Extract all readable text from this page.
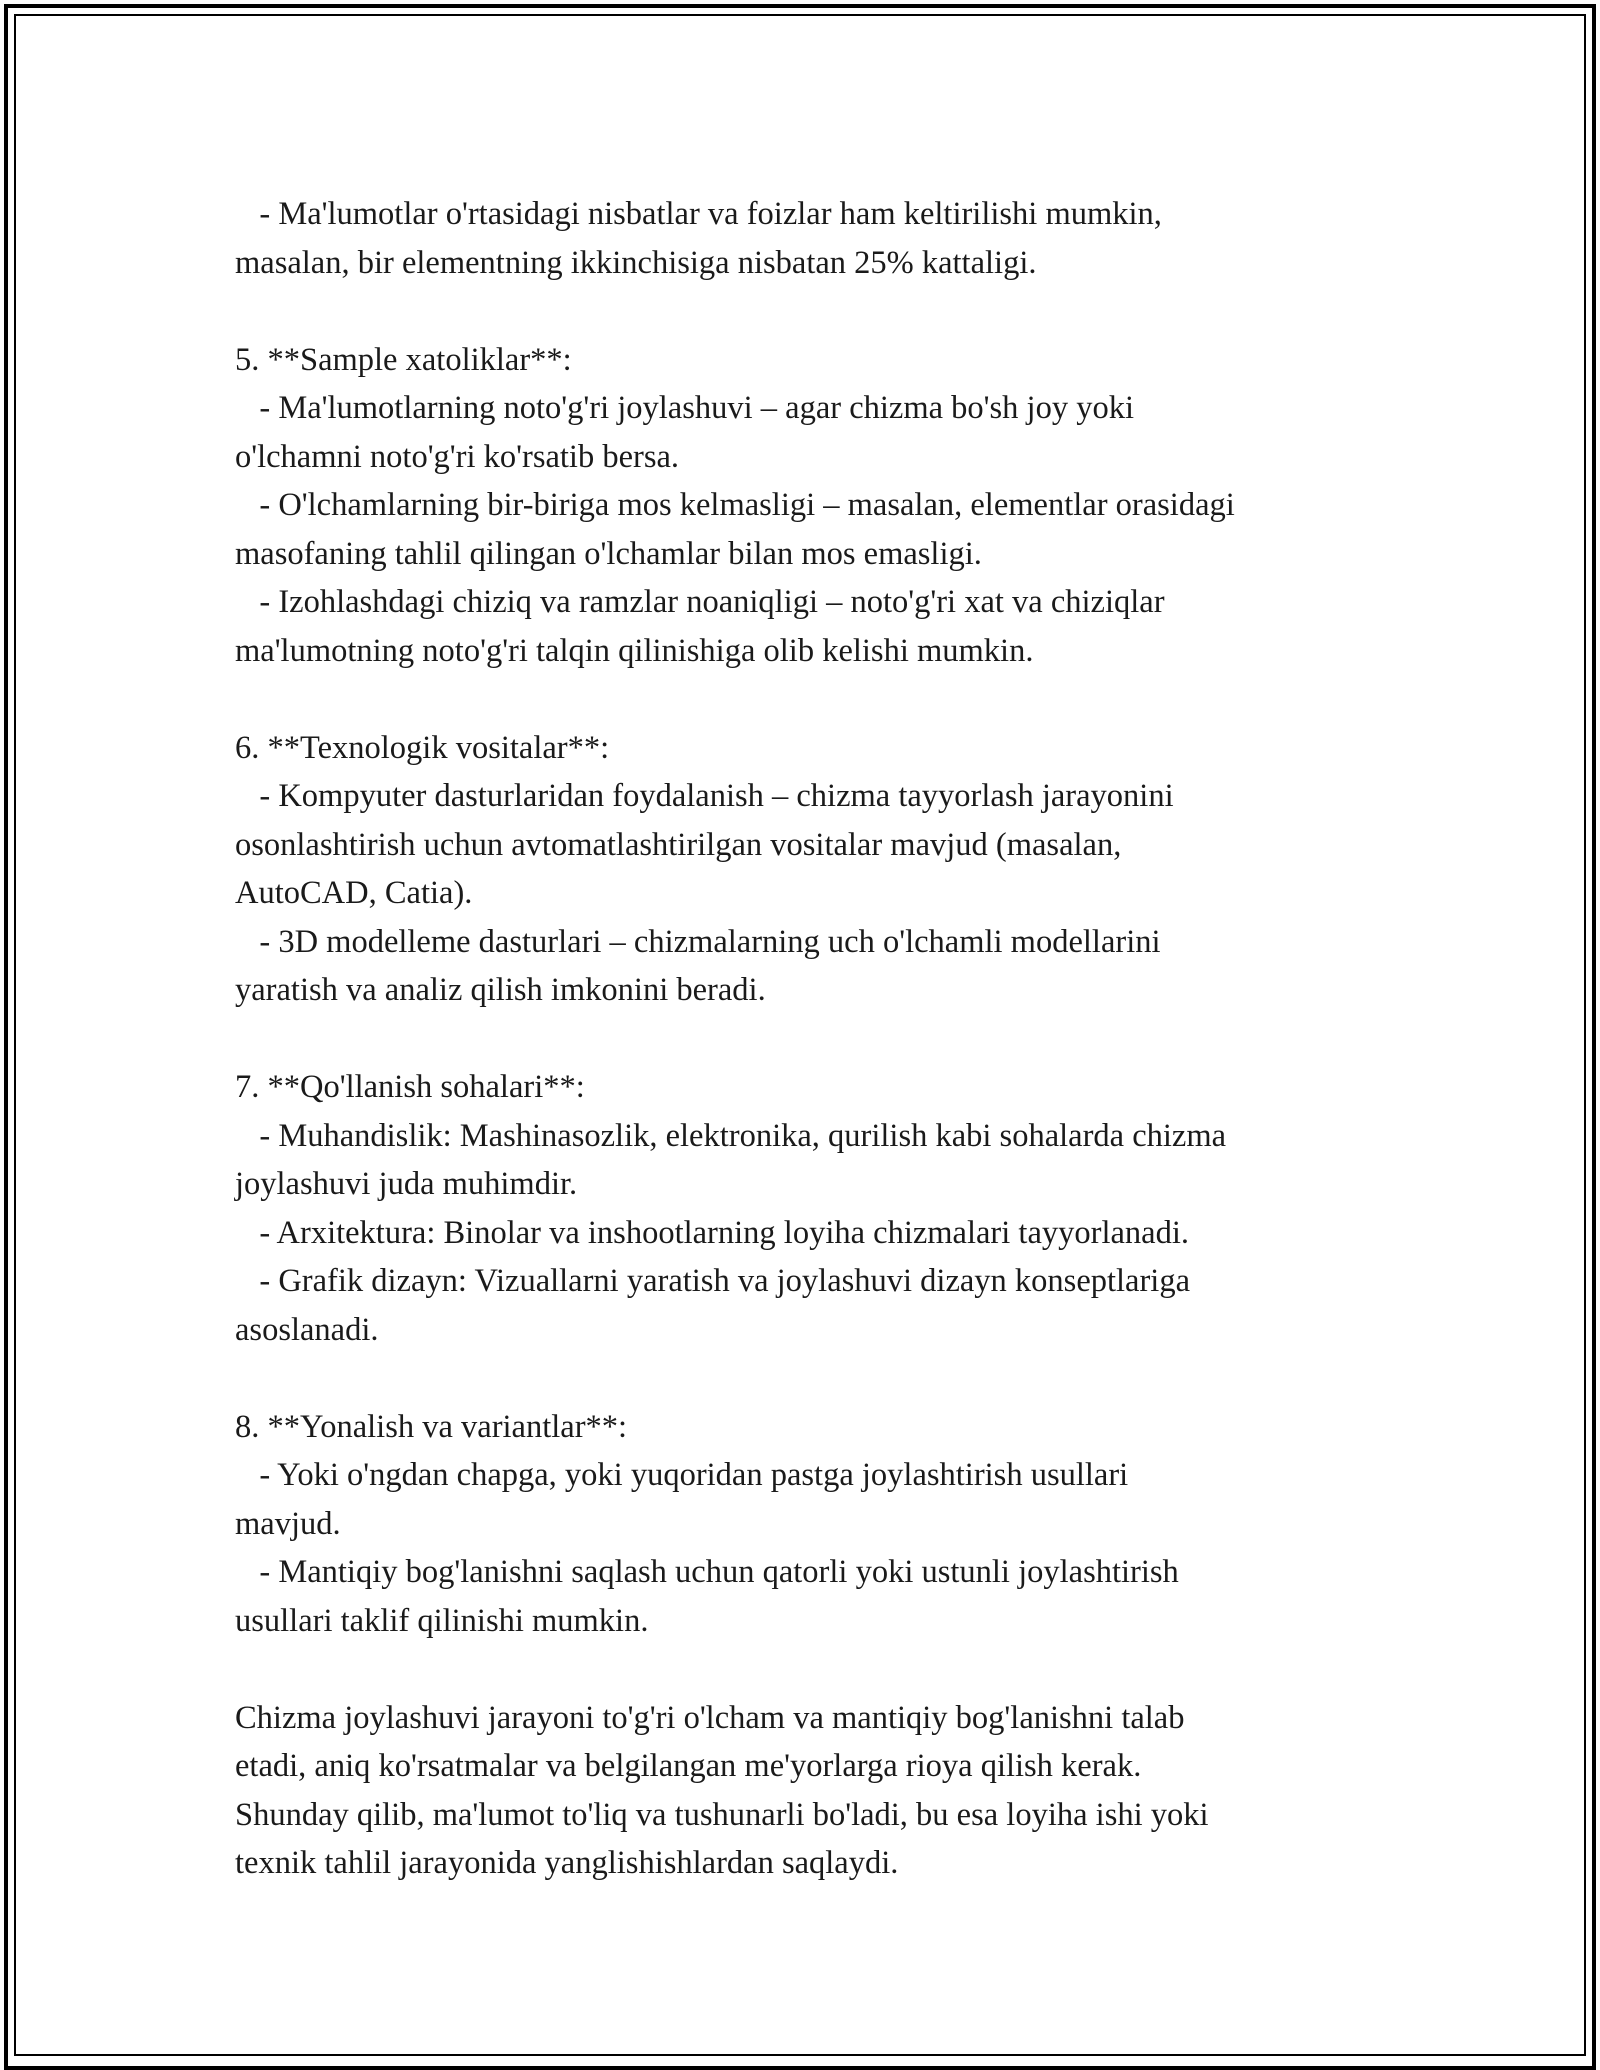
- Ma'lumotlar o'rtasidagi nisbatlar va foizlar ham keltirilishi mumkin,
masalan, bir elementning ikkinchisiga nisbatan 25% kattaligi.
5. **Sample xatoliklar**:
- Ma'lumotlarning noto'g'ri joylashuvi – agar chizma bo'sh joy yoki
o'lchamni noto'g'ri ko'rsatib bersa.
- O'lchamlarning bir-biriga mos kelmasligi – masalan, elementlar orasidagi
masofaning tahlil qilingan o'lchamlar bilan mos emasligi.
- Izohlashdagi chiziq va ramzlar noaniqligi – noto'g'ri xat va chiziqlar
ma'lumotning noto'g'ri talqin qilinishiga olib kelishi mumkin.
6. **Texnologik vositalar**:
- Kompyuter dasturlaridan foydalanish – chizma tayyorlash jarayonini
osonlashtirish uchun avtomatlashtirilgan vositalar mavjud (masalan,
AutoCAD, Catia).
- 3D modelleme dasturlari – chizmalarning uch o'lchamli modellarini
yaratish va analiz qilish imkonini beradi.
7. **Qo'llanish sohalari**:
- Muhandislik: Mashinasozlik, elektronika, qurilish kabi sohalarda chizma
joylashuvi juda muhimdir.
- Arxitektura: Binolar va inshootlarning loyiha chizmalari tayyorlanadi.
- Grafik dizayn: Vizuallarni yaratish va joylashuvi dizayn konseptlariga
asoslanadi.
8. **Yonalish va variantlar**:
- Yoki o'ngdan chapga, yoki yuqoridan pastga joylashtirish usullari
mavjud.
- Mantiqiy bog'lanishni saqlash uchun qatorli yoki ustunli joylashtirish
usullari taklif qilinishi mumkin.
Chizma joylashuvi jarayoni to'g'ri o'lcham va mantiqiy bog'lanishni talab
etadi, aniq ko'rsatmalar va belgilangan me'yorlarga rioya qilish kerak.
Shunday qilib, ma'lumot to'liq va tushunarli bo'ladi, bu esa loyiha ishi yoki
texnik tahlil jarayonida yanglishishlardan saqlaydi.
